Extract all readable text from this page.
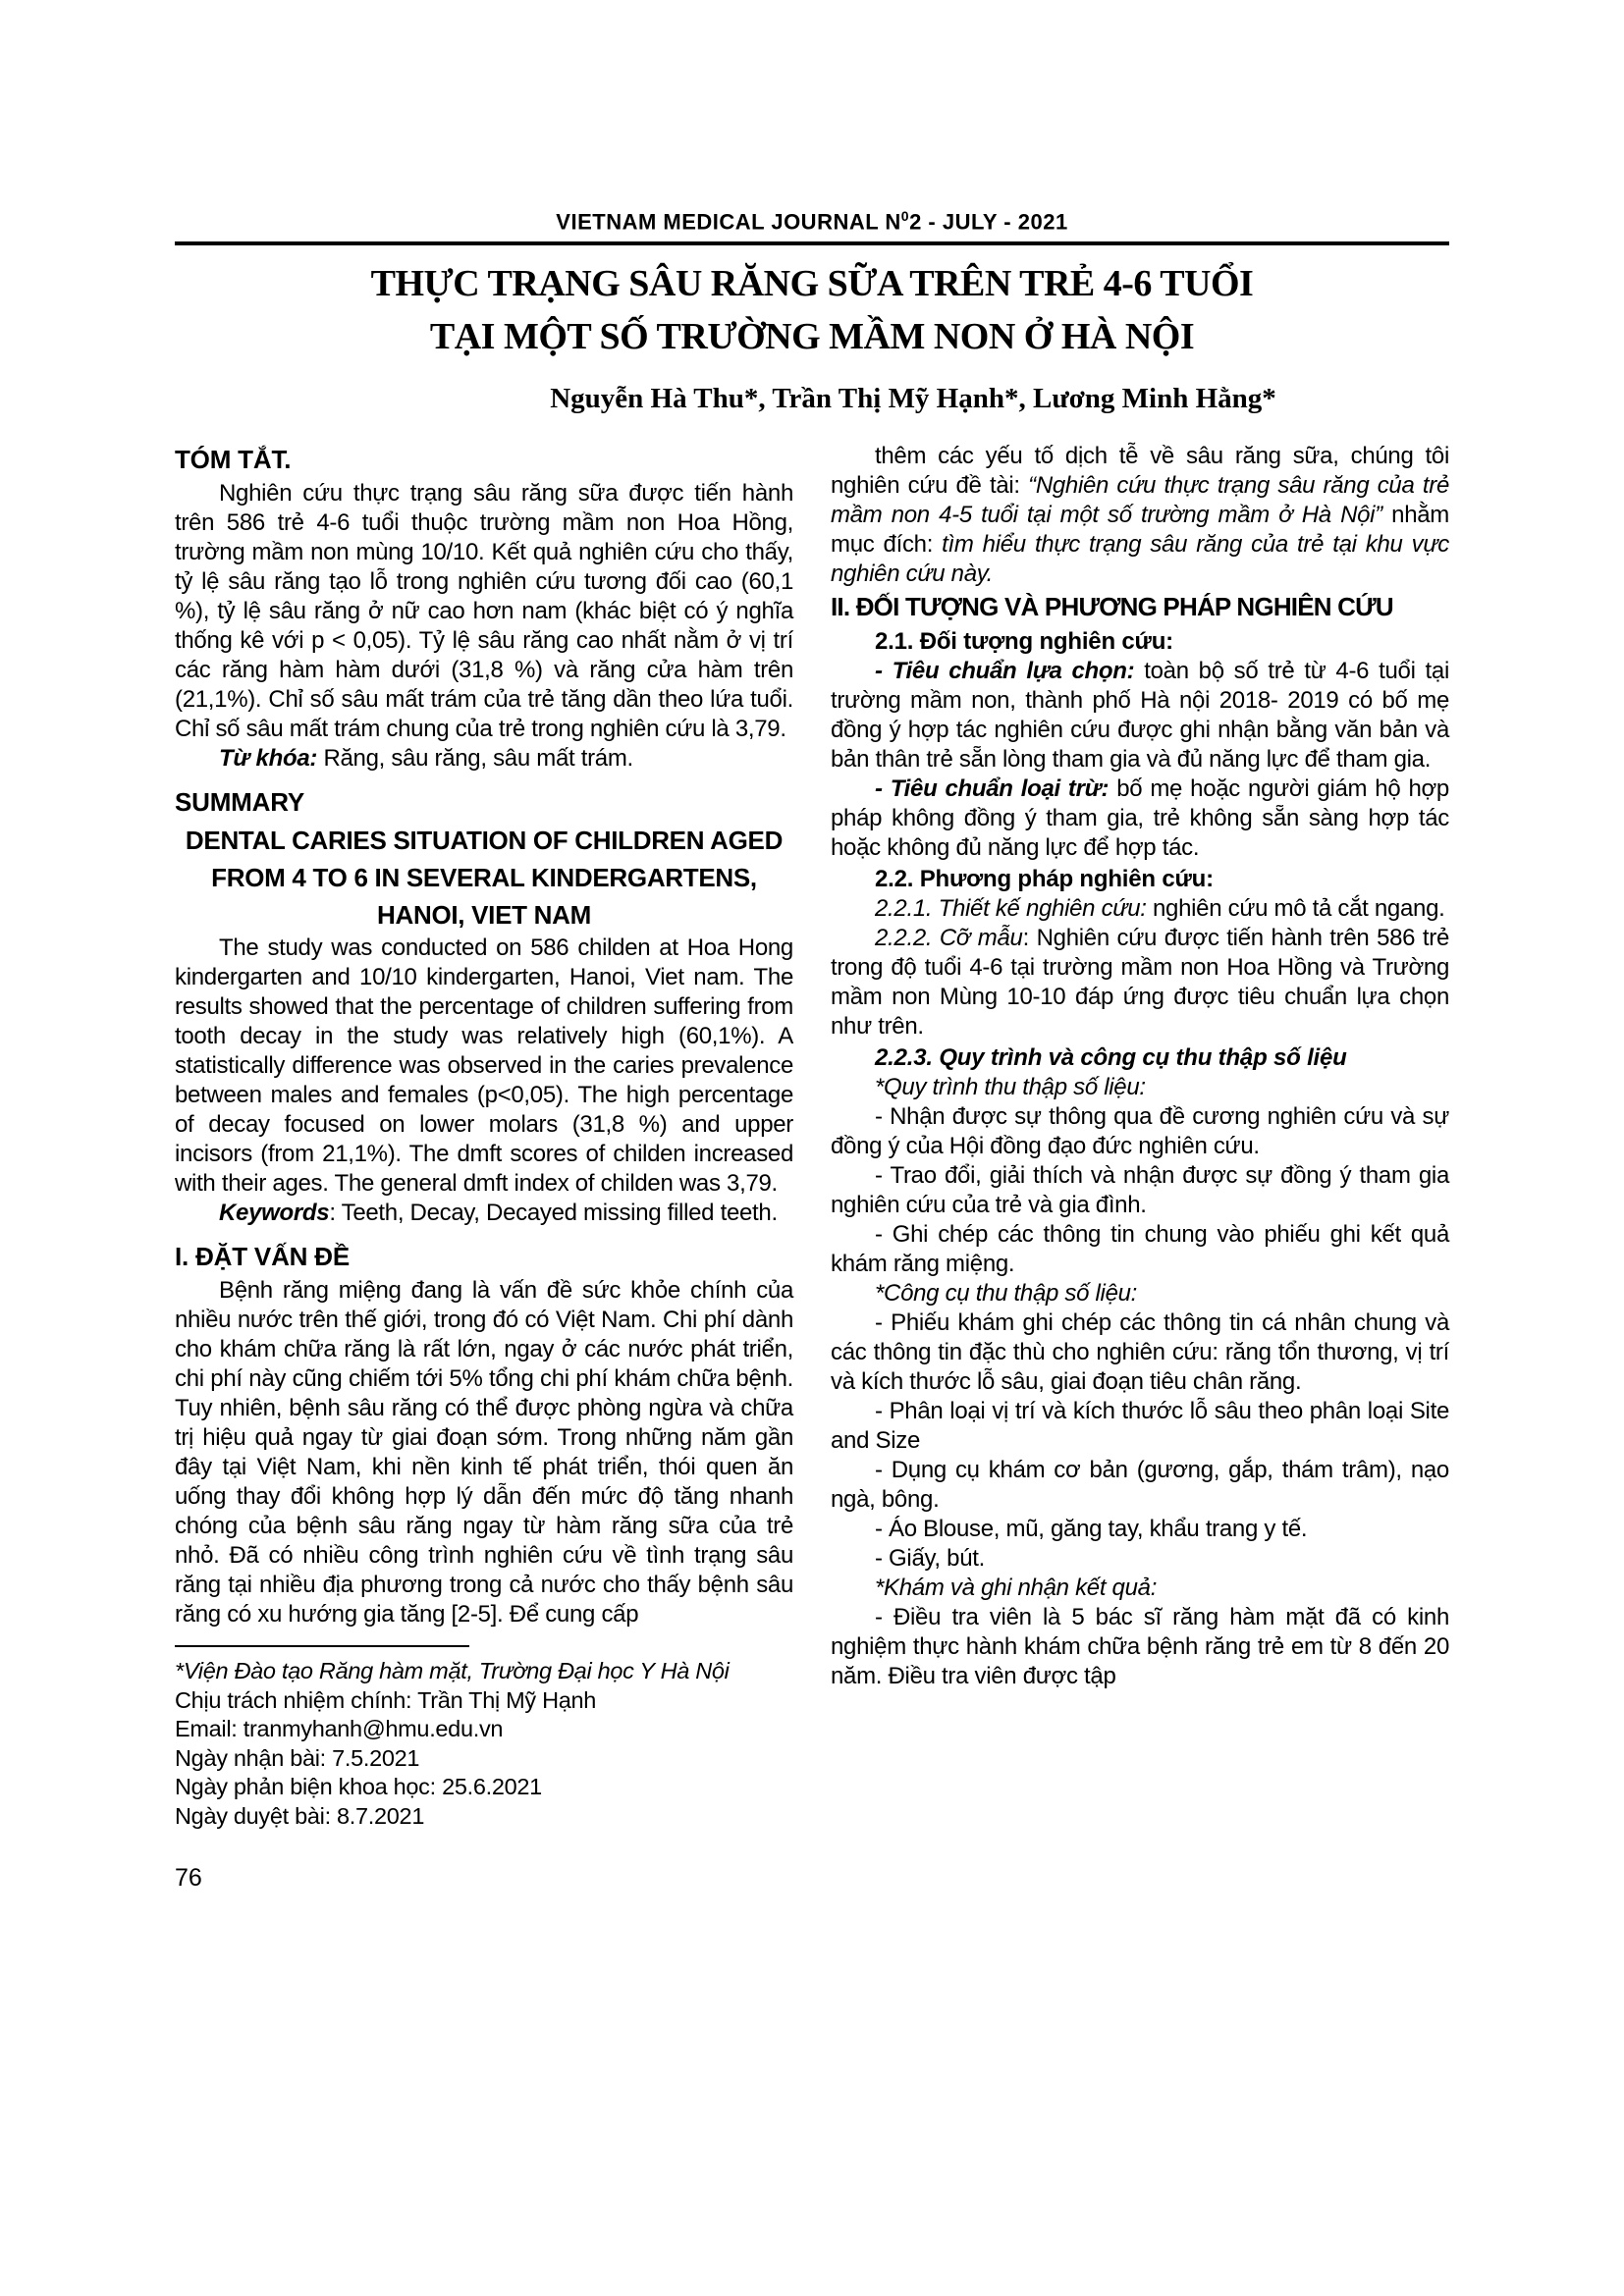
VIETNAM MEDICAL JOURNAL $N^02$ - JULY - 2021
THỰC TRẠNG SÂU RĂNG SỮA TRÊN TRẺ 4-6 TUỔI
TẠI MỘT SỐ TRƯỜNG MẦM NON Ở HÀ NỘI
Nguyễn Hà Thu*, Trần Thị Mỹ Hạnh*, Lương Minh Hằng*
TÓM TẮT.
Nghiên cứu thực trạng sâu răng sữa được tiến hành trên 586 trẻ 4-6 tuổi thuộc trường mầm non Hoa Hồng, trường mầm non mùng 10/10. Kết quả nghiên cứu cho thấy, tỷ lệ sâu răng tạo lỗ trong nghiên cứu tương đối cao (60,1 %), tỷ lệ sâu răng ở nữ cao hơn nam (khác biệt có ý nghĩa thống kê với p < 0,05). Tỷ lệ sâu răng cao nhất nằm ở vị trí các răng hàm hàm dưới (31,8 %) và răng cửa hàm trên (21,1%). Chỉ số sâu mất trám của trẻ tăng dần theo lứa tuổi. Chỉ số sâu mất trám chung của trẻ trong nghiên cứu là 3,79.
Từ khóa: Răng, sâu răng, sâu mất trám.
SUMMARY
DENTAL CARIES SITUATION OF CHILDREN AGED FROM 4 TO 6 IN SEVERAL KINDERGARTENS, HANOI, VIET NAM
The study was conducted on 586 childen at Hoa Hong kindergarten and 10/10 kindergarten, Hanoi, Viet nam. The results showed that the percentage of children suffering from tooth decay in the study was relatively high (60,1%). A statistically difference was observed in the caries prevalence between males and females (p<0,05). The high percentage of decay focused on lower molars (31,8 %) and upper incisors (from 21,1%). The dmft scores of childen increased with their ages. The general dmft index of childen was 3,79.
Keywords: Teeth, Decay, Decayed missing filled teeth.
I. ĐẶT VẤN ĐỀ
Bệnh răng miệng đang là vấn đề sức khỏe chính của nhiều nước trên thế giới, trong đó có Việt Nam. Chi phí dành cho khám chữa răng là rất lớn, ngay ở các nước phát triển, chi phí này cũng chiếm tới 5% tổng chi phí khám chữa bệnh. Tuy nhiên, bệnh sâu răng có thể được phòng ngừa và chữa trị hiệu quả ngay từ giai đoạn sớm. Trong những năm gần đây tại Việt Nam, khi nền kinh tế phát triển, thói quen ăn uống thay đổi không hợp lý dẫn đến mức độ tăng nhanh chóng của bệnh sâu răng ngay từ hàm răng sữa của trẻ nhỏ. Đã có nhiều công trình nghiên cứu về tình trạng sâu răng tại nhiều địa phương trong cả nước cho thấy bệnh sâu răng có xu hướng gia tăng [2-5]. Để cung cấp
*Viện Đào tạo Răng hàm mặt, Trường Đại học Y Hà Nội
Chịu trách nhiệm chính: Trần Thị Mỹ Hạnh
Email: tranmyhanh@hmu.edu.vn
Ngày nhận bài: 7.5.2021
Ngày phản biện khoa học: 25.6.2021
Ngày duyệt bài: 8.7.2021
76
thêm các yếu tố dịch tễ về sâu răng sữa, chúng tôi nghiên cứu đề tài: “Nghiên cứu thực trạng sâu răng của trẻ mầm non 4-5 tuổi tại một số trường mầm ở Hà Nội” nhằm mục đích: tìm hiểu thực trạng sâu răng của trẻ tại khu vực nghiên cứu này.
II. ĐỐI TƯỢNG VÀ PHƯƠNG PHÁP NGHIÊN CỨU
2.1. Đối tượng nghiên cứu:
- Tiêu chuẩn lựa chọn: toàn bộ số trẻ từ 4-6 tuổi tại trường mầm non, thành phố Hà nội 2018- 2019 có bố mẹ đồng ý hợp tác nghiên cứu được ghi nhận bằng văn bản và bản thân trẻ sẵn lòng tham gia và đủ năng lực để tham gia.
- Tiêu chuẩn loại trừ: bố mẹ hoặc người giám hộ hợp pháp không đồng ý tham gia, trẻ không sẵn sàng hợp tác hoặc không đủ năng lực để hợp tác.
2.2. Phương pháp nghiên cứu:
2.2.1. Thiết kế nghiên cứu: nghiên cứu mô tả cắt ngang.
2.2.2. Cỡ mẫu: Nghiên cứu được tiến hành trên 586 trẻ trong độ tuổi 4-6 tại trường mầm non Hoa Hồng và Trường mầm non Mùng 10-10 đáp ứng được tiêu chuẩn lựa chọn như trên.
2.2.3. Quy trình và công cụ thu thập số liệu
*Quy trình thu thập số liệu:
- Nhận được sự thông qua đề cương nghiên cứu và sự đồng ý của Hội đồng đạo đức nghiên cứu.
- Trao đổi, giải thích và nhận được sự đồng ý tham gia nghiên cứu của trẻ và gia đình.
- Ghi chép các thông tin chung vào phiếu ghi kết quả khám răng miệng.
*Công cụ thu thập số liệu:
- Phiếu khám ghi chép các thông tin cá nhân chung và các thông tin đặc thù cho nghiên cứu: răng tổn thương, vị trí và kích thước lỗ sâu, giai đoạn tiêu chân răng.
- Phân loại vị trí và kích thước lỗ sâu theo phân loại Site and Size
- Dụng cụ khám cơ bản (gương, gắp, thám trâm), nạo ngà, bông.
- Áo Blouse, mũ, găng tay, khẩu trang y tế.
- Giấy, bút.
*Khám và ghi nhận kết quả:
- Điều tra viên là 5 bác sĩ răng hàm mặt đã có kinh nghiệm thực hành khám chữa bệnh răng trẻ em từ 8 đến 20 năm. Điều tra viên được tập
